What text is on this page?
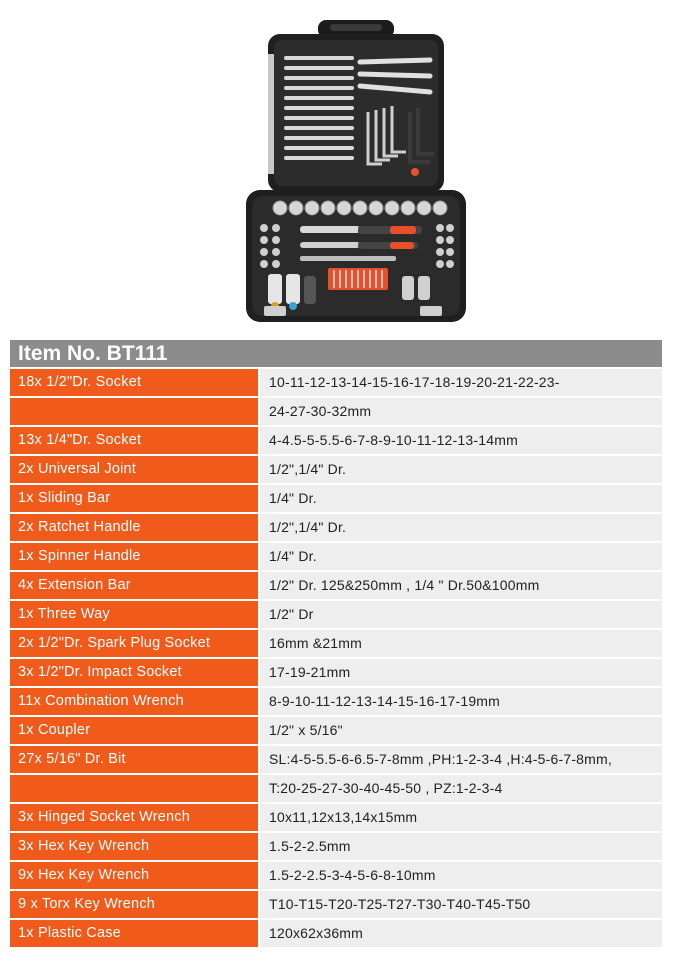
Item No. BT111
18x 1/2"Dr. Socket	10-11-12-13-14-15-16-17-18-19-20-21-22-23-
24-27-30-32mm
13x 1/4"Dr. Socket	4-4.5-5-5.5-6-7-8-9-10-11-12-13-14mm
2x Universal Joint	1/2",1/4" Dr.
1x Sliding Bar	1/4" Dr.
2x Ratchet Handle	1/2",1/4" Dr.
1x Spinner Handle	1/4" Dr.
4x Extension Bar	1/2" Dr. 125&250mm , 1/4 " Dr.50&100mm
1x Three Way	1/2" Dr
2x 1/2"Dr. Spark Plug Socket	16mm &21mm
3x 1/2"Dr. Impact Socket	17-19-21mm
11x Combination Wrench	8-9-10-11-12-13-14-15-16-17-19mm
1x Coupler	1/2" x 5/16"
27x 5/16" Dr. Bit	SL:4-5-5.5-6-6.5-7-8mm ,PH:1-2-3-4 ,H:4-5-6-7-8mm,
T:20-25-27-30-40-45-50 , PZ:1-2-3-4
3x Hinged Socket Wrench	10x11,12x13,14x15mm
3x Hex Key Wrench	1.5-2-2.5mm
9x Hex Key Wrench	1.5-2-2.5-3-4-5-6-8-10mm
9 x Torx Key Wrench	T10-T15-T20-T25-T27-T30-T40-T45-T50
1x Plastic Case	120x62x36mm
